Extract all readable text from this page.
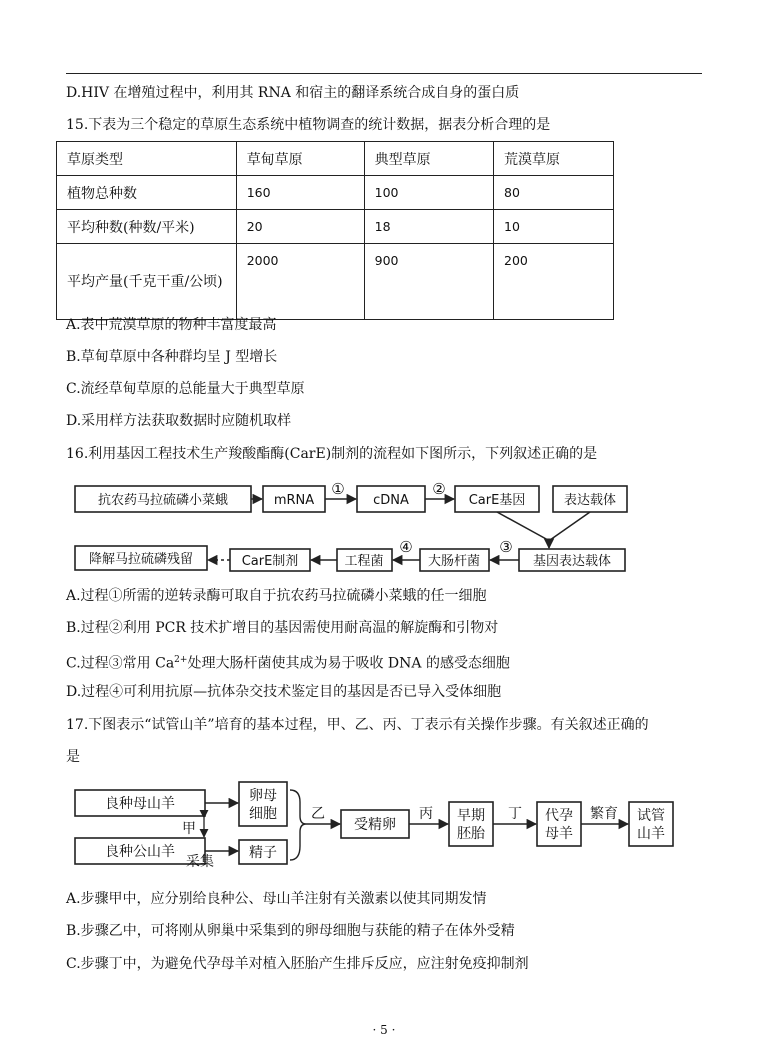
D.HIV 在增殖过程中，利用其 RNA 和宿主的翻译系统合成自身的蛋白质
15.下表为三个稳定的草原生态系统中植物调查的统计数据，据表分析合理的是
草原类型	草甸草原	典型草原	荒漠草原
植物总种数	160	100	80
平均种数(种数/平米)	20	18	10
平均产量(千克干重/公顷)	2000	900	200
A.表中荒漠草原的物种丰富度最高
B.草甸草原中各种群均呈 J 型增长
C.流经草甸草原的总能量大于典型草原
D.采用样方法获取数据时应随机取样
16.利用基因工程技术生产羧酸酯酶(CarE)制剂的流程如下图所示，下列叙述正确的是
抗农药马拉硫磷小菜蛾	mRNA
①
cDNA
②
CarE基因	表达载体
基因表达载体
③
大肠杆菌
④
工程菌
CarE制剂
降解马拉硫磷残留
良种母山羊
良种公山羊
甲
采集
卵母
细胞
精子
乙
受精卵
丙 早期
胚胎
丁 代孕
母羊
繁育 试管
山羊
A.过程①所需的逆转录酶可取自于抗农药马拉硫磷小菜蛾的任一细胞
B.过程②利用 PCR 技术扩增目的基因需使用耐高温的解旋酶和引物对
C.过程③常用 $Ca^{2+}$处理大肠杆菌使其成为易于吸收 DNA 的感受态细胞
D.过程④可利用抗原—抗体杂交技术鉴定目的基因是否已导入受体细胞
17.下图表示“试管山羊”培育的基本过程，甲、乙、丙、丁表示有关操作步骤。有关叙述正确的
是
A.步骤甲中，应分别给良种公、母山羊注射有关激素以使其同期发情
B.步骤乙中，可将刚从卵巢中采集到的卵母细胞与获能的精子在体外受精
C.步骤丁中，为避免代孕母羊对植入胚胎产生排斥反应，应注射免疫抑制剂
· 5 ·
